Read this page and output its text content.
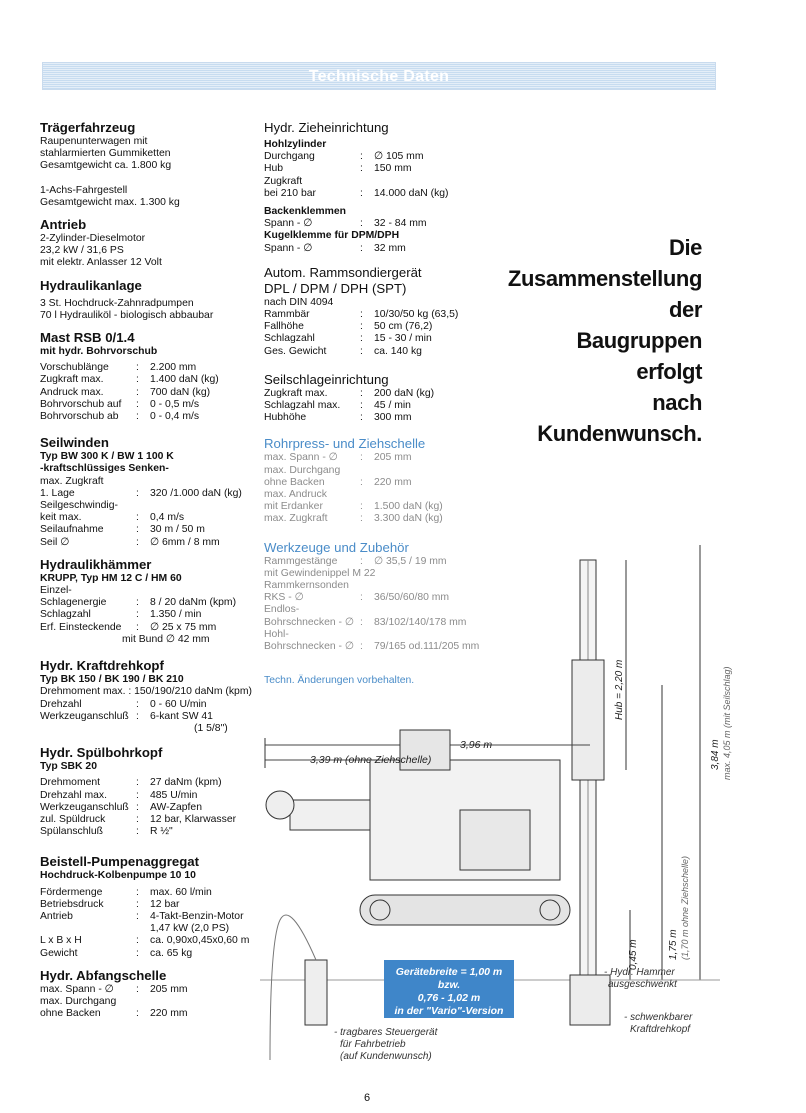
Technische Daten
Trägerfahrzeug
Raupenunterwagen mit
stahlarmierten Gummiketten
Gesamtgewicht ca. 1.800 kg
1-Achs-Fahrgestell
Gesamtgewicht max. 1.300 kg
Antrieb
2-Zylinder-Dieselmotor
23,2 kW / 31,6 PS
mit elektr. Anlasser 12 Volt
Hydraulikanlage
3 St. Hochdruck-Zahnradpumpen
70 l Hydrauliköl - biologisch abbaubar
Mast RSB 0/1.4
mit hydr. Bohrvorschub
Vorschublänge	:	2.200 mm
Zugkraft max.	:	1.400 daN (kg)
Andruck max.	:	700 daN (kg)
Bohrvorschub auf	:	0 - 0,5 m/s
Bohrvorschub ab	:	0 - 0,4 m/s
Seilwinden
Typ BW 300 K / BW 1 100 K
-kraftschlüssiges Senken-
max. Zugkraft
1. Lage	:	320 /1.000 daN (kg)
Seilgeschwindig-
keit max.	:	0,4 m/s
Seilaufnahme	:	30 m / 50 m
Seil ∅	:	∅ 6mm / 8 mm
Hydraulikhämmer
KRUPP, Typ HM 12 C / HM 60
Einzel-
Schlagenergie	:	8 / 20 daNm (kpm)
Schlagzahl	:	1.350 / min
Erf. Einsteckende	:	∅ 25 x 75 mm
mit Bund ∅ 42 mm
Hydr. Kraftdrehkopf
Typ BK 150 / BK 190 / BK 210
Drehmoment max. : 150/190/210 daNm (kpm)
Drehzahl	:	0 - 60 U/min
Werkzeuganschluß :	6-kant SW 41
(1 5/8")
Hydr. Spülbohrkopf
Typ SBK 20
Drehmoment	:	27 daNm (kpm)
Drehzahl max.	:	485 U/min
Werkzeuganschluß :	AW-Zapfen
zul. Spüldruck	:	12 bar, Klarwasser
Spülanschluß	:	R ½"
Beistell-Pumpenaggregat
Hochdruck-Kolbenpumpe 10 10
Fördermenge	:	max. 60 l/min
Betriebsdruck	:	12 bar
Antrieb	:	4-Takt-Benzin-Motor
1,47 kW (2,0 PS)
L x B x H	:	ca. 0,90x0,45x0,60 m
Gewicht	:	ca. 65 kg
Hydr. Abfangschelle
max. Spann - ∅	:	205 mm
max. Durchgang
ohne Backen	:	220 mm
Hydr. Zieheinrichtung
Hohlzylinder
Durchgang	:	∅ 105 mm
Hub	:	150 mm
Zugkraft
bei 210 bar	:	14.000 daN (kg)
Backenklemmen
Spann - ∅	:	32 - 84 mm
Kugelklemme für DPM/DPH
Spann - ∅	:	32 mm
Autom. Rammsondiergerät
DPL / DPM / DPH (SPT)
nach DIN 4094
Rammbär	:	10/30/50 kg (63,5)
Fallhöhe	:	50 cm (76,2)
Schlagzahl	:	15 - 30 / min
Ges. Gewicht	:	ca. 140 kg
Seilschlageinrichtung
Zugkraft max.	:	200 daN (kg)
Schlagzahl max.	:	45 / min
Hubhöhe	:	300 mm
Rohrpress- und Ziehschelle
max. Spann - ∅	:	205 mm
max. Durchgang
ohne Backen	:	220 mm
max. Andruck
mit Erdanker	:	1.500 daN (kg)
max. Zugkraft	:	3.300 daN (kg)
Werkzeuge und Zubehör
Rammgestänge	:	∅ 35,5 / 19 mm
mit Gewindenippel M 22
Rammkernsonden
RKS - ∅	:	36/50/60/80 mm
Endlos-
Bohrschnecken - ∅ :	83/102/140/178 mm
Hohl-
Bohrschnecken - ∅ :	79/165 od.111/205 mm
Techn. Änderungen vorbehalten.
Die
Zusammenstellung
der
Baugruppen
erfolgt
nach
Kundenwunsch.
Gerätebreite = 1,00 m
bzw.
0,76 - 1,02 m
in der "Vario"-Version
3,96 m
3,39 m (ohne Ziehschelle)
Hub = 2,20 m
3,84 m max. 4,05 m (mit Seilschlag)
0,45 m	1,75 m (1,70 m ohne Ziehschelle)
- Hydr. Hammer
ausgeschwenkt
- schwenkbarer
Kraftdrehkopf
- tragbares Steuergerät
für Fahrbetrieb
(auf Kundenwunsch)
6
